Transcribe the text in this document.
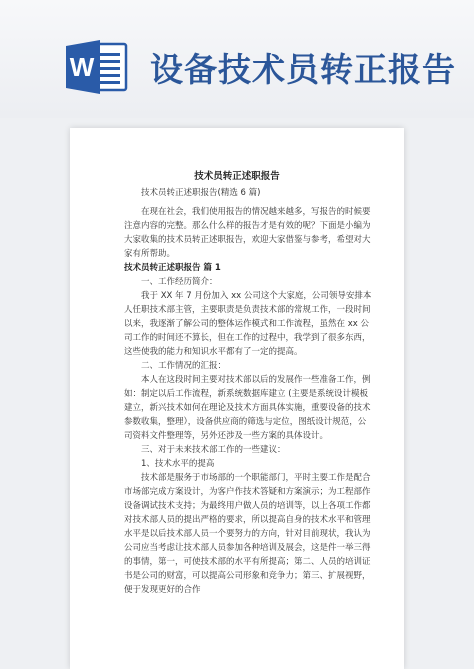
W 设备技术员转正报告
技术员转正述职报告

技术员转正述职报告(精选 6 篇)

在现在社会，我们使用报告的情况越来越多，写报告的时候要注意内容的完整。那么什么样的报告才是有效的呢？下面是小编为大家收集的技术员转正述职报告，欢迎大家借鉴与参考，希望对大家有所帮助。

技术员转正述职报告 篇 1

一、工作经历简介：

我于 XX 年 7 月份加入 xx 公司这个大家庭，公司领导安排本人任职技术部主管，主要职责是负责技术部的常规工作，一段时间以来，我逐渐了解公司的整体运作模式和工作流程，虽然在 xx 公司工作的时间还不算长，但在工作的过程中，我学到了很多东西，这些使我的能力和知识水平都有了一定的提高。

二、工作情况的汇报：

本人在这段时间主要对技术部以后的发展作一些准备工作，例如：制定以后工作流程，新系统数据库建立 (主要是系统设计模板建立，新兴技术如何在理论及技术方面具体实施，重要设备的技术参数收集，整理），设备供应商的筛选与定位，图纸设计规范，公司资料文件整理等，另外还涉及一些方案的具体设计。

三、对于未来技术部工作的一些建议：

1、技术水平的提高

技术部是服务于市场部的一个职能部门，平时主要工作是配合市场部完成方案设计，为客户作技术答疑和方案演示；为工程部作设备调试技术支持；为最终用户做人员的培训等，以上各项工作都对技术部人员的提出严格的要求，所以提高自身的技术水平和管理水平是以后技术部人员一个要努力的方向，针对目前现状，我认为公司应当考虑让技术部人员参加各种培训及展会，这是件一举三得的事情，第一，可使技术部的水平有所提高；第二、人员的培训证书是公司的财富，可以提高公司形象和竞争力；第三、扩展视野，便于发现更好的合作
